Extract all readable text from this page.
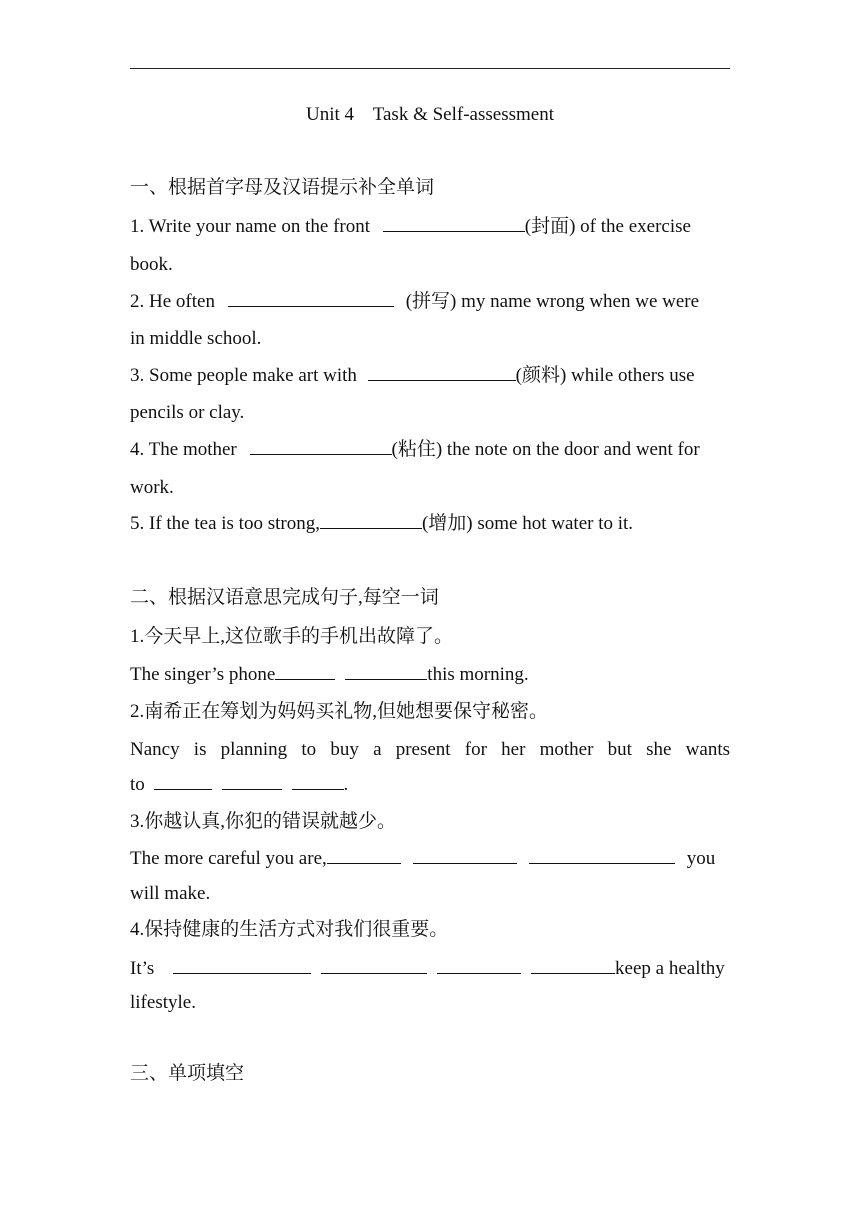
Unit 4    Task & Self-assessment
一、根据首字母及汉语提示补全单词
1. Write your name on the front	(封面) of the exercise
book.
2. He often	(拼写) my name wrong when we were
in middle school.
3. Some people make art with	(颜料) while others use
pencils or clay.
4. The mother	(粘住) the note on the door and went for
work.
5. If the tea is too strong,	(增加) some hot water to it.
二、根据汉语意思完成句子,每空一词
1.今天早上,这位歌手的手机出故障了。
The singer’s phone	this morning.
2.南希正在筹划为妈妈买礼物,但她想要保守秘密。
Nancy is planning to buy a present for her mother but she wants
to	.
3.你越认真,你犯的错误就越少。
The more careful you are,	you
will make.
4.保持健康的生活方式对我们很重要。
It’s	keep a healthy
lifestyle.
三、单项填空
